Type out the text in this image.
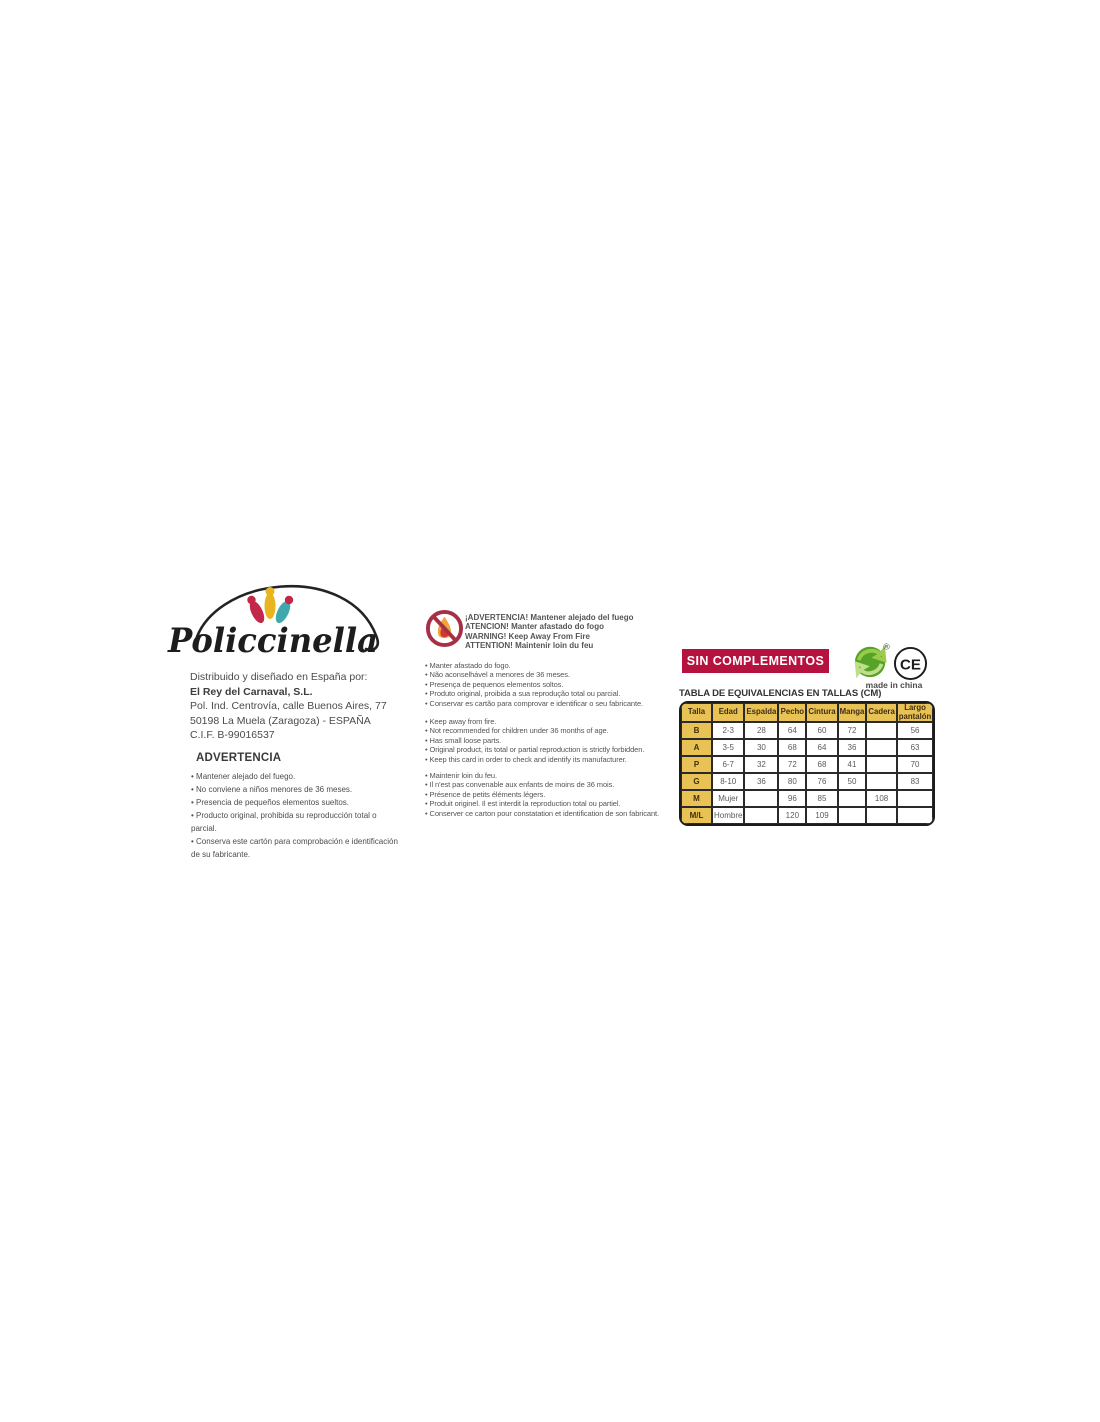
Policcinella
Distribuido y diseñado en España por:
El Rey del Carnaval, S.L.
Pol. Ind. Centrovía, calle Buenos Aires, 77
50198 La Muela (Zaragoza) - ESPAÑA
C.I.F. B-99016537
ADVERTENCIA
• Mantener alejado del fuego.
• No conviene a niños menores de 36 meses.
• Presencia de pequeños elementos sueltos.
• Producto original, prohibida su reproducción total o parcial.
• Conserva este cartón para comprobación e identificación de su fabricante.
¡ADVERTENCIA! Mantener alejado del fuego
ATENCION! Manter afastado do fogo
WARNING! Keep Away From Fire
ATTENTION! Maintenir loin du feu
• Manter afastado do fogo.
• Não aconselhável a menores de 36 meses.
• Presença de pequenos elementos soltos.
• Produto original, proibida a sua reprodução total ou parcial.
• Conservar es cartão para comprovar e identificar o seu fabricante.
• Keep away from fire.
• Not recommended for children under 36 months of age.
• Has small loose parts.
• Original product, its total or partial reproduction is strictly forbidden.
• Keep this card in order to check and identify its manufacturer.
• Maintenir loin du feu.
• Il n'est pas convenable aux enfants de moins de 36 mois.
• Présence de petits éléments légers.
• Produit originel. Il est interdit la reproduction total ou partiel.
• Conserver ce carton pour constatation et identification de son fabricant.
SIN COMPLEMENTOS
®
CE
made in china
TABLA DE EQUIVALENCIAS EN TALLAS (CM)
Talla	Edad	Espalda	Pecho	Cintura	Manga	Cadera	Largo pantalón
B	2-3	28	64	60	72		56
A	3-5	30	68	64	36		63
P	6-7	32	72	68	41		70
G	8-10	36	80	76	50		83
M	Mujer		96	85		108	
M/L	Hombre		120	109			
